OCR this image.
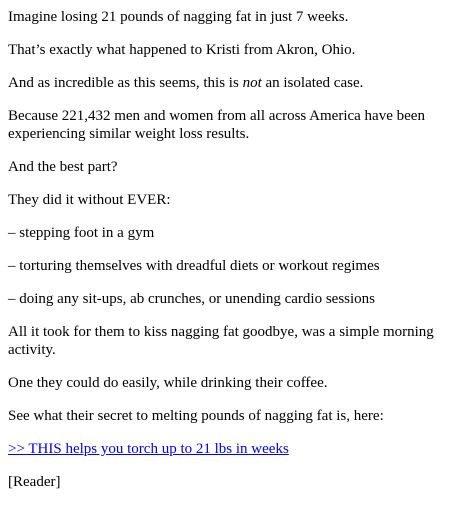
Imagine losing 21 pounds of nagging fat in just 7 weeks.

That’s exactly what happened to Kristi from Akron, Ohio.

And as incredible as this seems, this is not an isolated case.

Because 221,432 men and women from all across America have been experiencing similar weight loss results.

And the best part?

They did it without EVER:

– stepping foot in a gym

– torturing themselves with dreadful diets or workout regimes

– doing any sit-ups, ab crunches, or unending cardio sessions

All it took for them to kiss nagging fat goodbye, was a simple morning activity.

One they could do easily, while drinking their coffee.

See what their secret to melting pounds of nagging fat is, here:

>> THIS helps you torch up to 21 lbs in weeks

[Reader]
